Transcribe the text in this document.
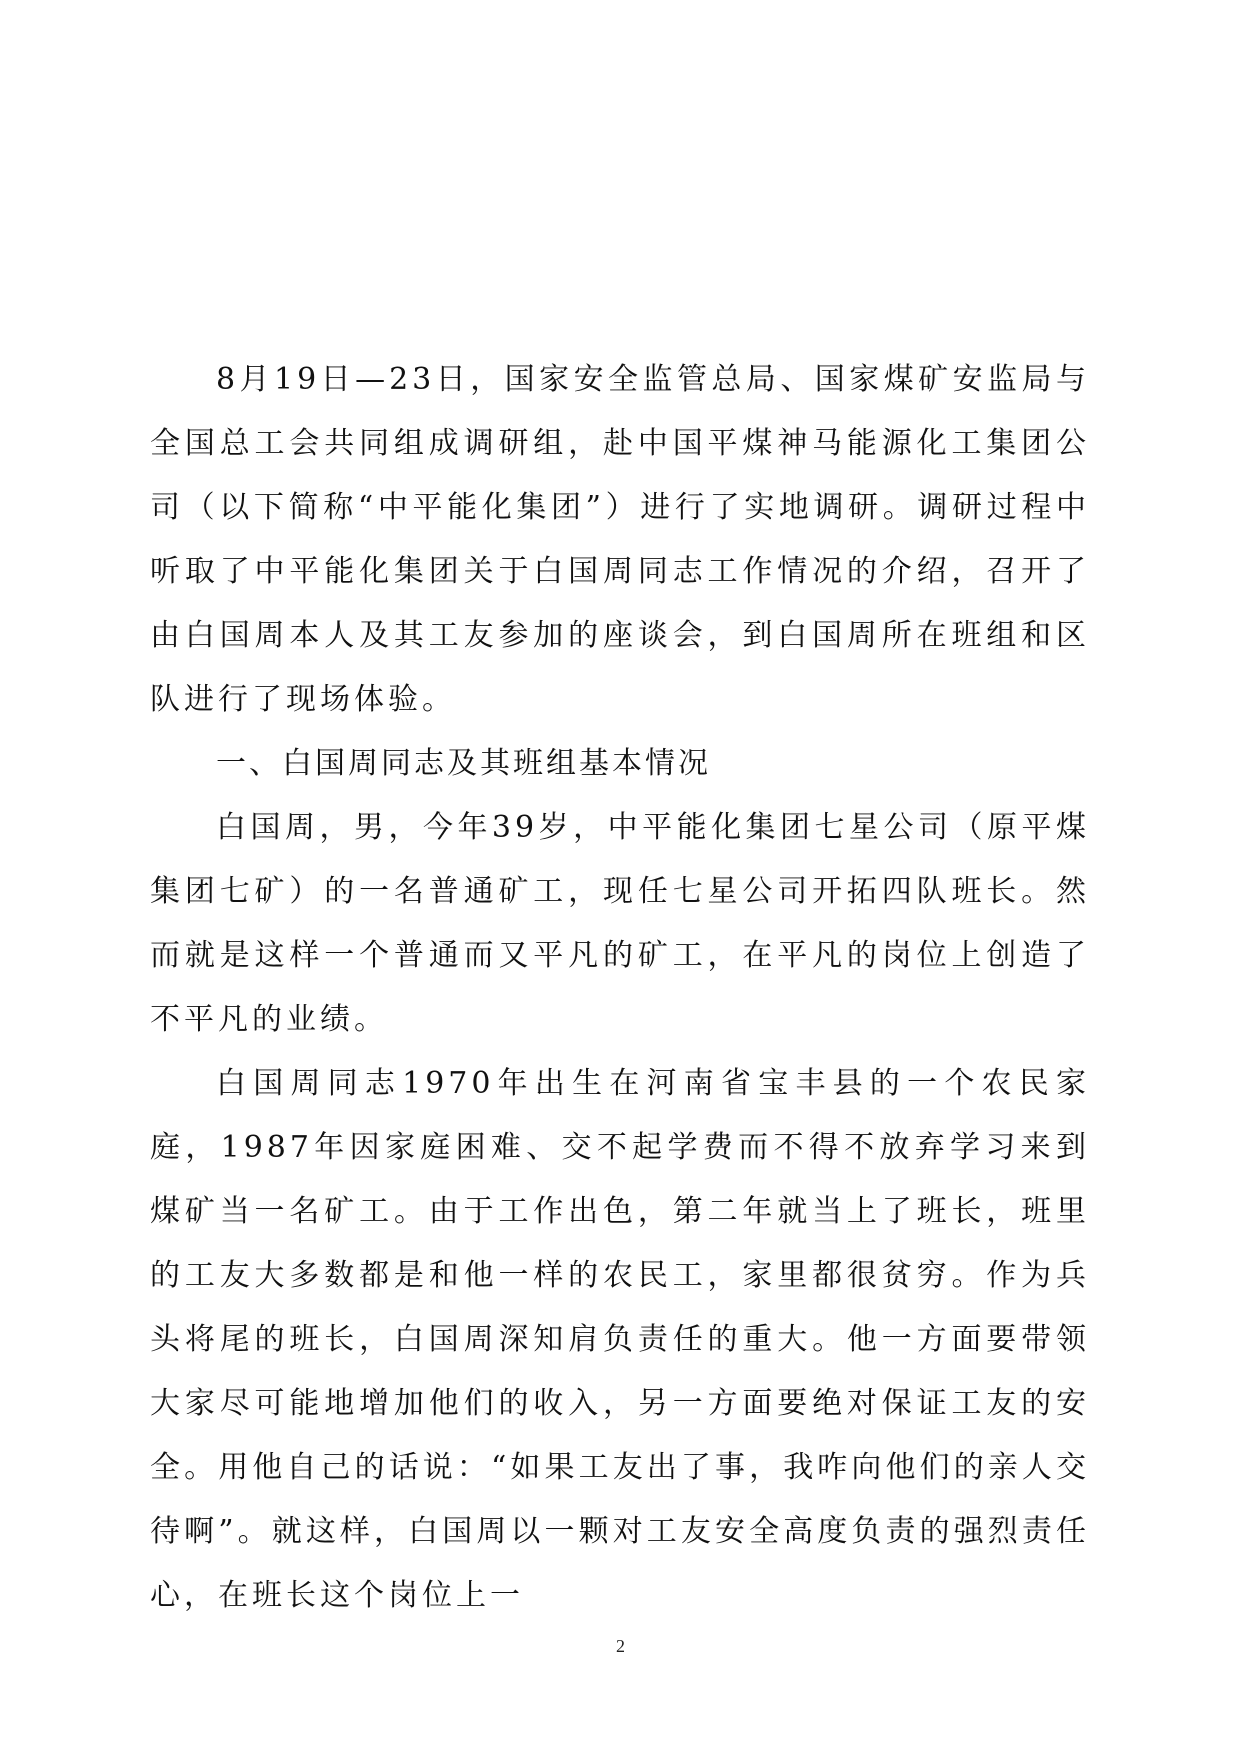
8月19日—23日，国家安全监管总局、国家煤矿安监局与全国总工会共同组成调研组，赴中国平煤神马能源化工集团公司（以下简称“中平能化集团”）进行了实地调研。调研过程中听取了中平能化集团关于白国周同志工作情况的介绍，召开了由白国周本人及其工友参加的座谈会，到白国周所在班组和区队进行了现场体验。

一、白国周同志及其班组基本情况

白国周，男，今年39岁，中平能化集团七星公司（原平煤集团七矿）的一名普通矿工，现任七星公司开拓四队班长。然而就是这样一个普通而又平凡的矿工，在平凡的岗位上创造了不平凡的业绩。

白国周同志1970年出生在河南省宝丰县的一个农民家庭，1987年因家庭困难、交不起学费而不得不放弃学习来到煤矿当一名矿工。由于工作出色，第二年就当上了班长，班里的工友大多数都是和他一样的农民工，家里都很贫穷。作为兵头将尾的班长，白国周深知肩负责任的重大。他一方面要带领大家尽可能地增加他们的收入，另一方面要绝对保证工友的安全。用他自己的话说：“如果工友出了事，我咋向他们的亲人交待啊”。就这样，白国周以一颗对工友安全高度负责的强烈责任心，在班长这个岗位上一

2
